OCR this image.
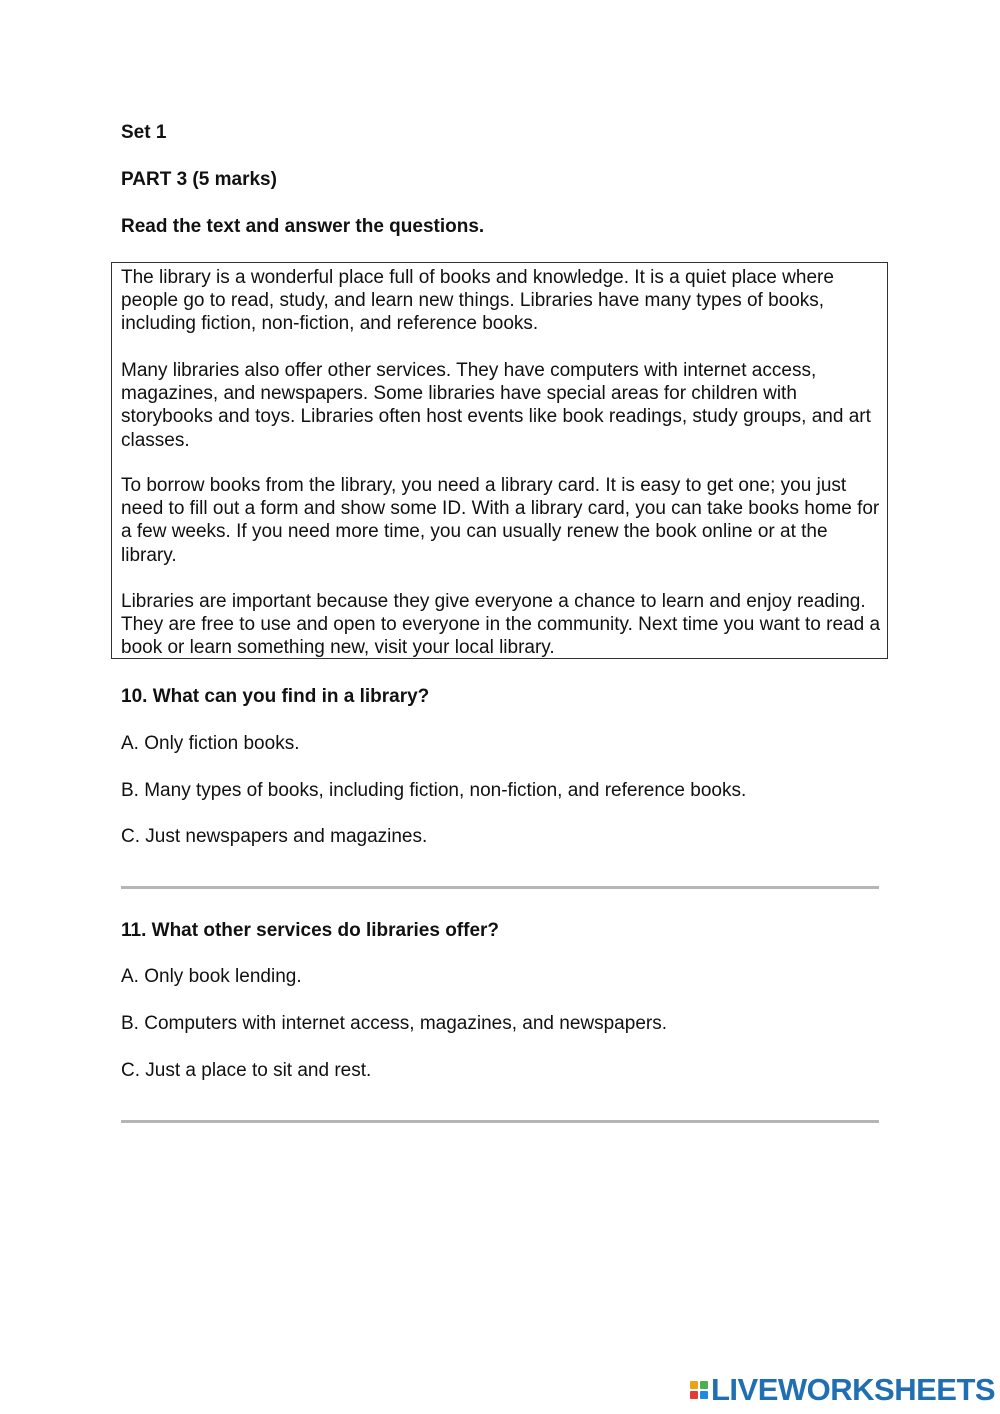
Set 1
PART 3 (5 marks)
Read the text and answer the questions.

The library is a wonderful place full of books and knowledge. It is a quiet place where people go to read, study, and learn new things. Libraries have many types of books, including fiction, non-fiction, and reference books.

Many libraries also offer other services. They have computers with internet access, magazines, and newspapers. Some libraries have special areas for children with storybooks and toys. Libraries often host events like book readings, study groups, and art classes.

To borrow books from the library, you need a library card. It is easy to get one; you just need to fill out a form and show some ID. With a library card, you can take books home for a few weeks. If you need more time, you can usually renew the book online or at the library.

Libraries are important because they give everyone a chance to learn and enjoy reading. They are free to use and open to everyone in the community. Next time you want to read a book or learn something new, visit your local library.

10. What can you find in a library?
A. Only fiction books.
B. Many types of books, including fiction, non-fiction, and reference books.
C. Just newspapers and magazines.
11. What other services do libraries offer?
A. Only book lending.
B. Computers with internet access, magazines, and newspapers.
C. Just a place to sit and rest.
LIVEWORKSHEETS
